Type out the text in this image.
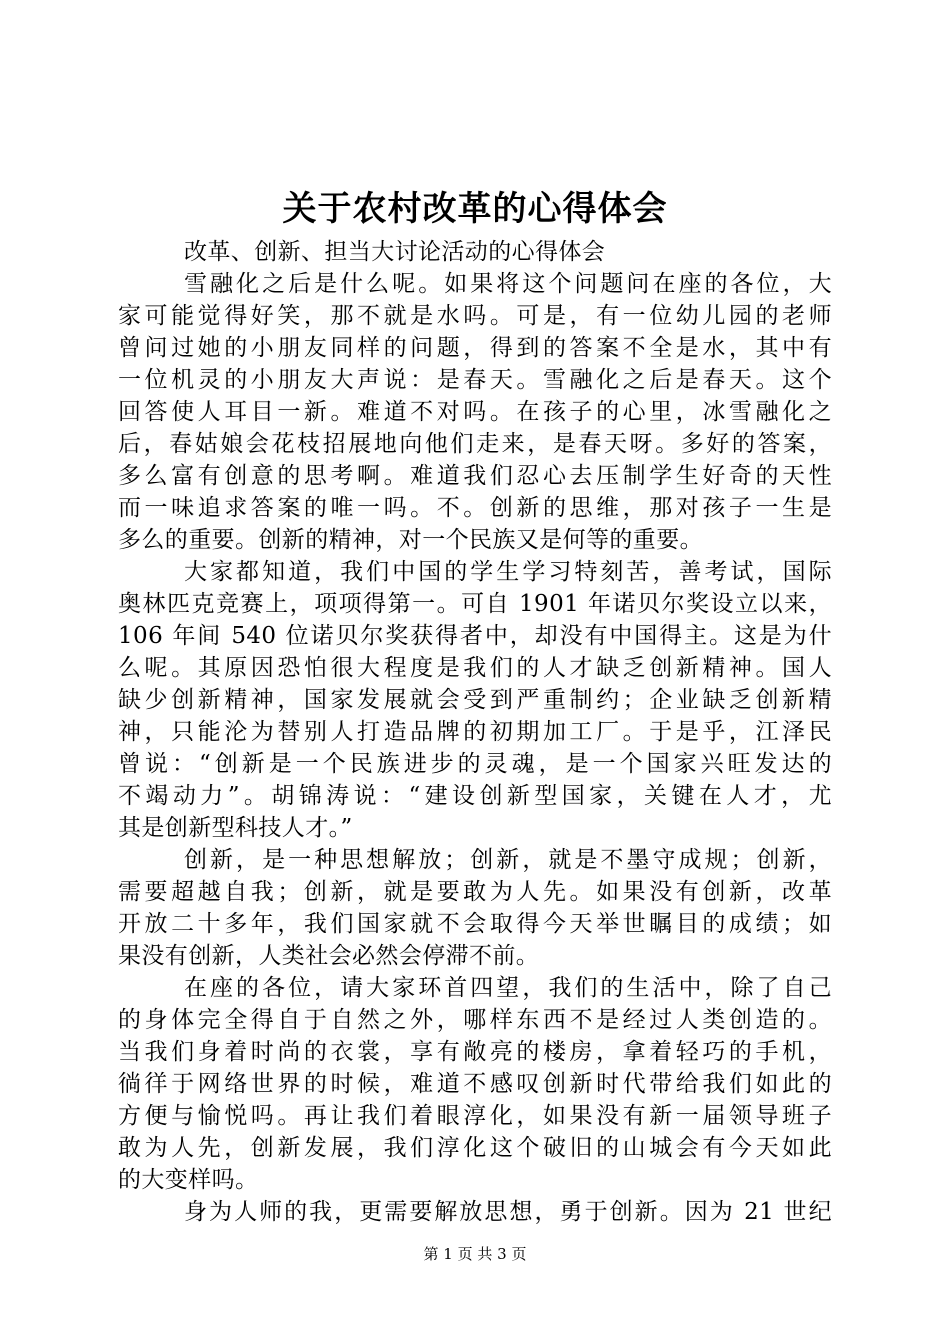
关于农村改革的心得体会
改革、创新、担当大讨论活动的心得体会
雪融化之后是什么呢。如果将这个问题问在座的各位，大
家可能觉得好笑，那不就是水吗。可是，有一位幼儿园的老师
曾问过她的小朋友同样的问题，得到的答案不全是水，其中有
一位机灵的小朋友大声说：是春天。雪融化之后是春天。这个
回答使人耳目一新。难道不对吗。在孩子的心里，冰雪融化之
后，春姑娘会花枝招展地向他们走来，是春天呀。多好的答案，
多么富有创意的思考啊。难道我们忍心去压制学生好奇的天性
而一味追求答案的唯一吗。不。创新的思维，那对孩子一生是
多么的重要。创新的精神，对一个民族又是何等的重要。
大家都知道，我们中国的学生学习特刻苦，善考试，国际
奥林匹克竞赛上，项项得第一。可自 1901 年诺贝尔奖设立以来，
106 年间 540 位诺贝尔奖获得者中，却没有中国得主。这是为什
么呢。其原因恐怕很大程度是我们的人才缺乏创新精神。国人
缺少创新精神，国家发展就会受到严重制约；企业缺乏创新精
神，只能沦为替别人打造品牌的初期加工厂。于是乎，江泽民
曾说：“创新是一个民族进步的灵魂，是一个国家兴旺发达的
不竭动力”。胡锦涛说：“建设创新型国家，关键在人才，尤
其是创新型科技人才。”
创新，是一种思想解放；创新，就是不墨守成规；创新，
需要超越自我；创新，就是要敢为人先。如果没有创新，改革
开放二十多年，我们国家就不会取得今天举世瞩目的成绩；如
果没有创新，人类社会必然会停滞不前。
在座的各位，请大家环首四望，我们的生活中，除了自己
的身体完全得自于自然之外，哪样东西不是经过人类创造的。
当我们身着时尚的衣裳，享有敞亮的楼房，拿着轻巧的手机，
徜徉于网络世界的时候，难道不感叹创新时代带给我们如此的
方便与愉悦吗。再让我们着眼淳化，如果没有新一届领导班子
敢为人先，创新发展，我们淳化这个破旧的山城会有今天如此
的大变样吗。
身为人师的我，更需要解放思想，勇于创新。因为 21 世纪
第 1 页 共 3 页
